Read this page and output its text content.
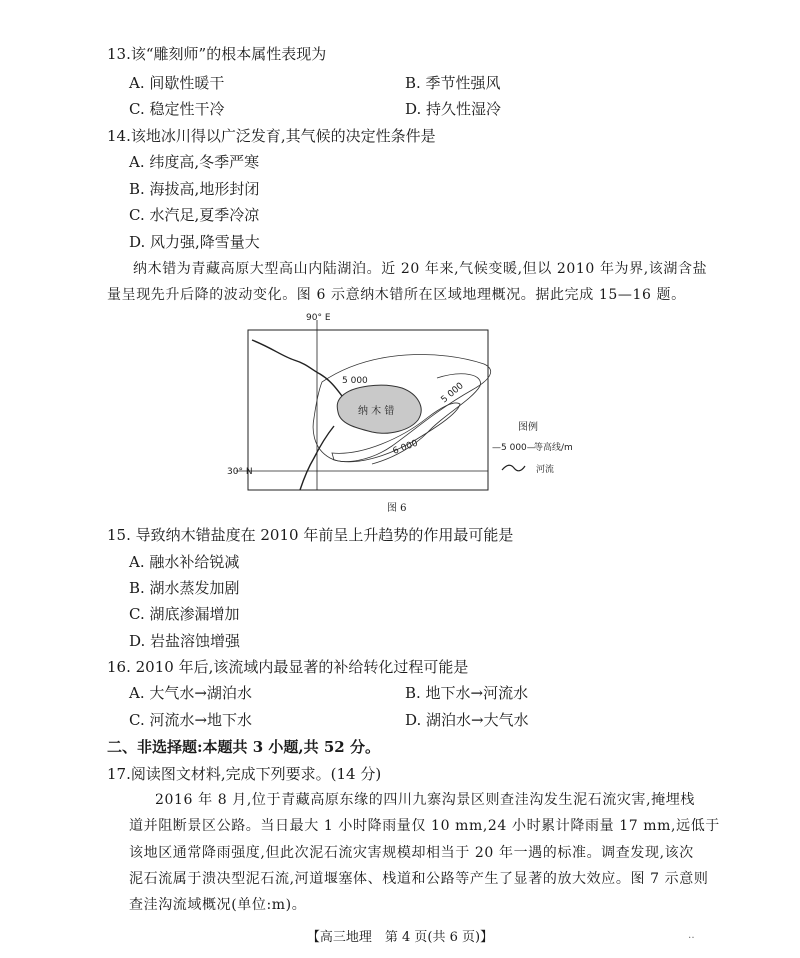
13.该“雕刻师”的根本属性表现为
A. 间歇性暖干	B. 季节性强风
C. 稳定性干冷	D. 持久性湿冷
14.该地冰川得以广泛发育,其气候的决定性条件是
A. 纬度高,冬季严寒
B. 海拔高,地形封闭
C. 水汽足,夏季冷凉
D. 风力强,降雪量大
纳木错为青藏高原大型高山内陆湖泊。近 20 年来,气候变暖,但以 2010 年为界,该湖含盐
量呈现先升后降的波动变化。图 6 示意纳木错所在区域地理概况。据此完成 15—16 题。
90° E
30° N
纳 木 错
5 000
5 000
6 000
图例
—5 000—
等高线/m
河流
图 6
15. 导致纳木错盐度在 2010 年前呈上升趋势的作用最可能是
A. 融水补给锐减
B. 湖水蒸发加剧
C. 湖底渗漏增加
D. 岩盐溶蚀增强
16. 2010 年后,该流域内最显著的补给转化过程可能是
A. 大气水→湖泊水	B. 地下水→河流水
C. 河流水→地下水	D. 湖泊水→大气水
二、非选择题:本题共 3 小题,共 52 分。
17.阅读图文材料,完成下列要求。(14 分)
2016 年 8 月,位于青藏高原东缘的四川九寨沟景区则查洼沟发生泥石流灾害,掩埋栈
道并阻断景区公路。当日最大 1 小时降雨量仅 10 mm,24 小时累计降雨量 17 mm,远低于
该地区通常降雨强度,但此次泥石流灾害规模却相当于 20 年一遇的标准。调查发现,该次
泥石流属于溃决型泥石流,河道堰塞体、栈道和公路等产生了显著的放大效应。图 7 示意则
查洼沟流域概况(单位:m)。
【高三地理　第 4 页(共 6 页)】	‥
